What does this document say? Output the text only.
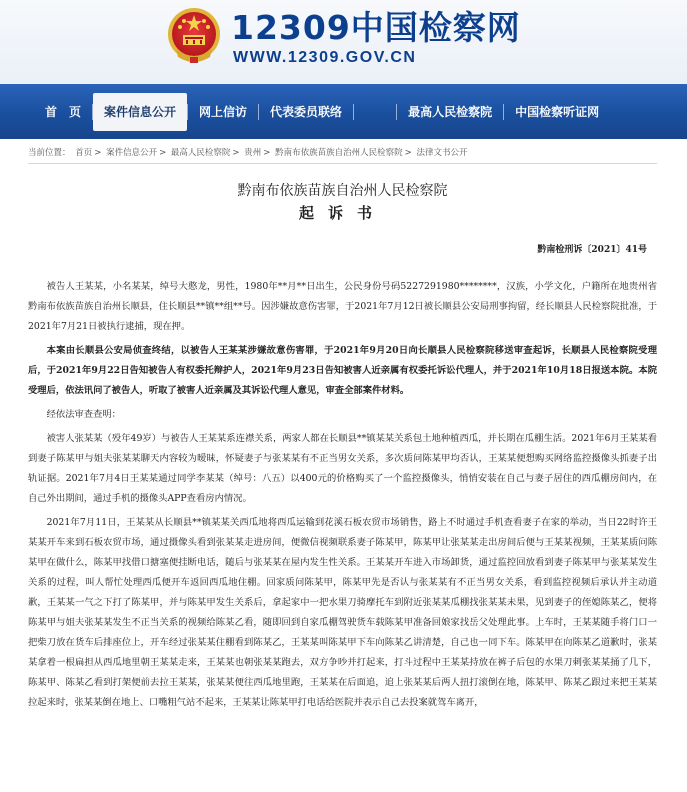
12309中国检察网
WWW.12309.GOV.CN
首　页	案件信息公开	网上信访	代表委员联络	最高人民检察院	中国检察听证网
当前位置： 首页 > 案件信息公开 > 最高人民检察院 > 贵州 > 黔南布依族苗族自治州人民检察院 > 法律文书公开
黔南布依族苗族自治州人民检察院
起诉书
黔南检刑诉〔2021〕41号

被告人王某某，小名某某，绰号大憨龙，男性，1980年**月**日出生，公民身份号码5227291980********，汉族，小学文化，户籍所在地贵州省黔南布依族苗族自治州长顺县，住长顺县**镇**组**号。因涉嫌故意伤害罪，于2021年7月12日被长顺县公安局刑事拘留，经长顺县人民检察院批准，于2021年7月21日被执行逮捕，现在押。

本案由长顺县公安局侦查终结，以被告人王某某涉嫌故意伤害罪，于2021年9月20日向长顺县人民检察院移送审查起诉，长顺县人民检察院受理后，于2021年9月22日告知被告人有权委托辩护人，2021年9月23日告知被害人近亲属有权委托诉讼代理人，并于2021年10月18日报送本院。本院受理后，依法讯问了被告人，听取了被害人近亲属及其诉讼代理人意见，审查全部案件材料。

经依法审查查明：

被害人张某某（殁年49岁）与被告人王某某系连襟关系，两家人都在长顺县**镇某某关系包土地种植西瓜，并长期在瓜棚生活。2021年6月王某某看到妻子陈某甲与姐夫张某某聊天内容较为暧昧，怀疑妻子与张某某有不正当男女关系，多次质问陈某甲均否认，王某某便想购买网络监控摄像头抓妻子出轨证据。2021年7月4日王某某通过同学李某某（绰号：八五）以400元的价格购买了一个监控摄像头，悄悄安装在自己与妻子居住的西瓜棚房间内，在自己外出期间，通过手机的摄像头APP查看房内情况。

2021年7月11日，王某某从长顺县**镇某某关西瓜地将西瓜运输到花溪石板农贸市场销售，路上不时通过手机查看妻子在家的举动，当日22时许王某某开车来到石板农贸市场，通过摄像头看到张某某走进房间，便微信视频联系妻子陈某甲，陈某甲让张某某走出房间后便与王某某视频，王某某质问陈某甲在做什么，陈某甲找借口搪塞便挂断电话，随后与张某某在屋内发生性关系。王某某开车进入市场卸货，通过监控回放看到妻子陈某甲与张某某发生关系的过程，叫人帮忙处理西瓜便开车返回西瓜地住棚。回家质问陈某甲，陈某甲先是否认与张某某有不正当男女关系，看到监控视频后承认并主动道歉，王某某一气之下打了陈某甲，并与陈某甲发生关系后，拿起家中一把水果刀骑摩托车到附近张某某瓜棚找张某某未果，见到妻子的侄媳陈某乙，便将陈某甲与姐夫张某某发生不正当关系的视频给陈某乙看，随即回到自家瓜棚驾驶货车载陈某甲准备回娘家找岳父处理此事。上车时，王某某随手将门口一把柴刀放在货车后排座位上，开车经过张某某住棚看到陈某乙，王某某叫陈某甲下车向陈某乙讲清楚，自己也一同下车。陈某甲在向陈某乙道歉时，张某某拿着一根扁担从西瓜地里朝王某某走来，王某某也朝张某某跑去，双方争吵并打起来，打斗过程中王某某持放在裤子后包的水果刀刺张某某捅了几下，陈某甲、陈某乙看到打架便前去拉王某某，张某某便往西瓜地里跑，王某某在后面追，追上张某某后两人扭打滚倒在地，陈某甲、陈某乙跟过来把王某某拉起来时，张某某倒在地上、口嘴粗气站不起来，王某某让陈某甲打电话给医院并表示自己去投案就驾车离开，
